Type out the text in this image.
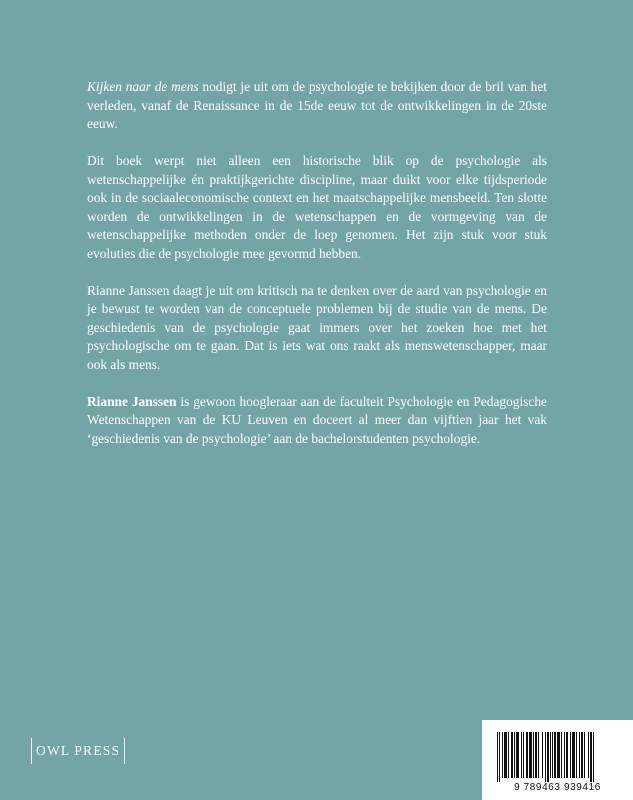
Kijken naar de mens nodigt je uit om de psychologie te bekijken door de bril van het verleden, vanaf de Renaissance in de 15de eeuw tot de ontwikkelingen in de 20ste eeuw.

Dit boek werpt niet alleen een historische blik op de psychologie als wetenschappelijke én praktijkgerichte discipline, maar duikt voor elke tijdsperiode ook in de sociaaleconomische context en het maatschappelijke mensbeeld. Ten slotte worden de ontwikkelingen in de wetenschappen en de vormgeving van de wetenschappelijke methoden onder de loep genomen. Het zijn stuk voor stuk evoluties die de psychologie mee gevormd hebben.

Rianne Janssen daagt je uit om kritisch na te denken over de aard van psychologie en je bewust te worden van de conceptuele problemen bij de studie van de mens. De geschiedenis van de psychologie gaat immers over het zoeken hoe met het psychologische om te gaan. Dat is iets wat ons raakt als menswetenschapper, maar ook als mens.

Rianne Janssen is gewoon hoogleraar aan de faculteit Psychologie en Pedagogische Wetenschappen van de KU Leuven en doceert al meer dan vijftien jaar het vak ‘geschiedenis van de psychologie’ aan de bachelorstudenten psychologie.

OWL PRESS
9 789463 939416
